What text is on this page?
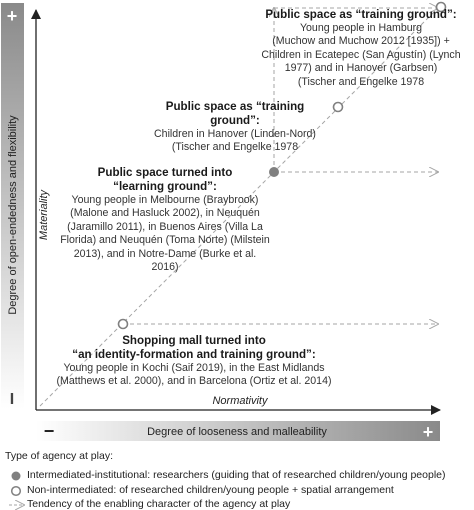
+
I
−	+
Degree of open-endedness and flexibility
Degree of looseness and malleability
Materiality
Normativity
Public space as “training ground”:
Young people in Hamburg
(Muchow and Muchow 2012 [1935]) +
Children in Ecatepec (San Agustín) (Lynch
1977) and in Hanover (Garbsen)
(Tischer and Engelke 1978
Public space as “training ground”:
Children in Hanover (Linden-Nord)
(Tischer and Engelke 1978
Public space turned into
“learning ground”:
Young people in Melbourne (Braybrook)
(Malone and Hasluck 2002), in Neuquén
(Jaramillo 2011), in Buenos Aires (Villa La
Florida) and Neuquén (Toma Norte) (Milstein
2013), and in Notre-Dame (Burke et al. 2016)
Shopping mall turned into
“an identity-formation and training ground”:
Young people in Kochi (Saif 2019), in the East Midlands
(Matthews et al. 2000), and in Barcelona (Ortiz et al. 2014)
Type of agency at play:
Intermediated-institutional: researchers (guiding that of researched children/young people)
Non-intermediated: of researched children/young people + spatial arrangement
Tendency of the enabling character of the agency at play
